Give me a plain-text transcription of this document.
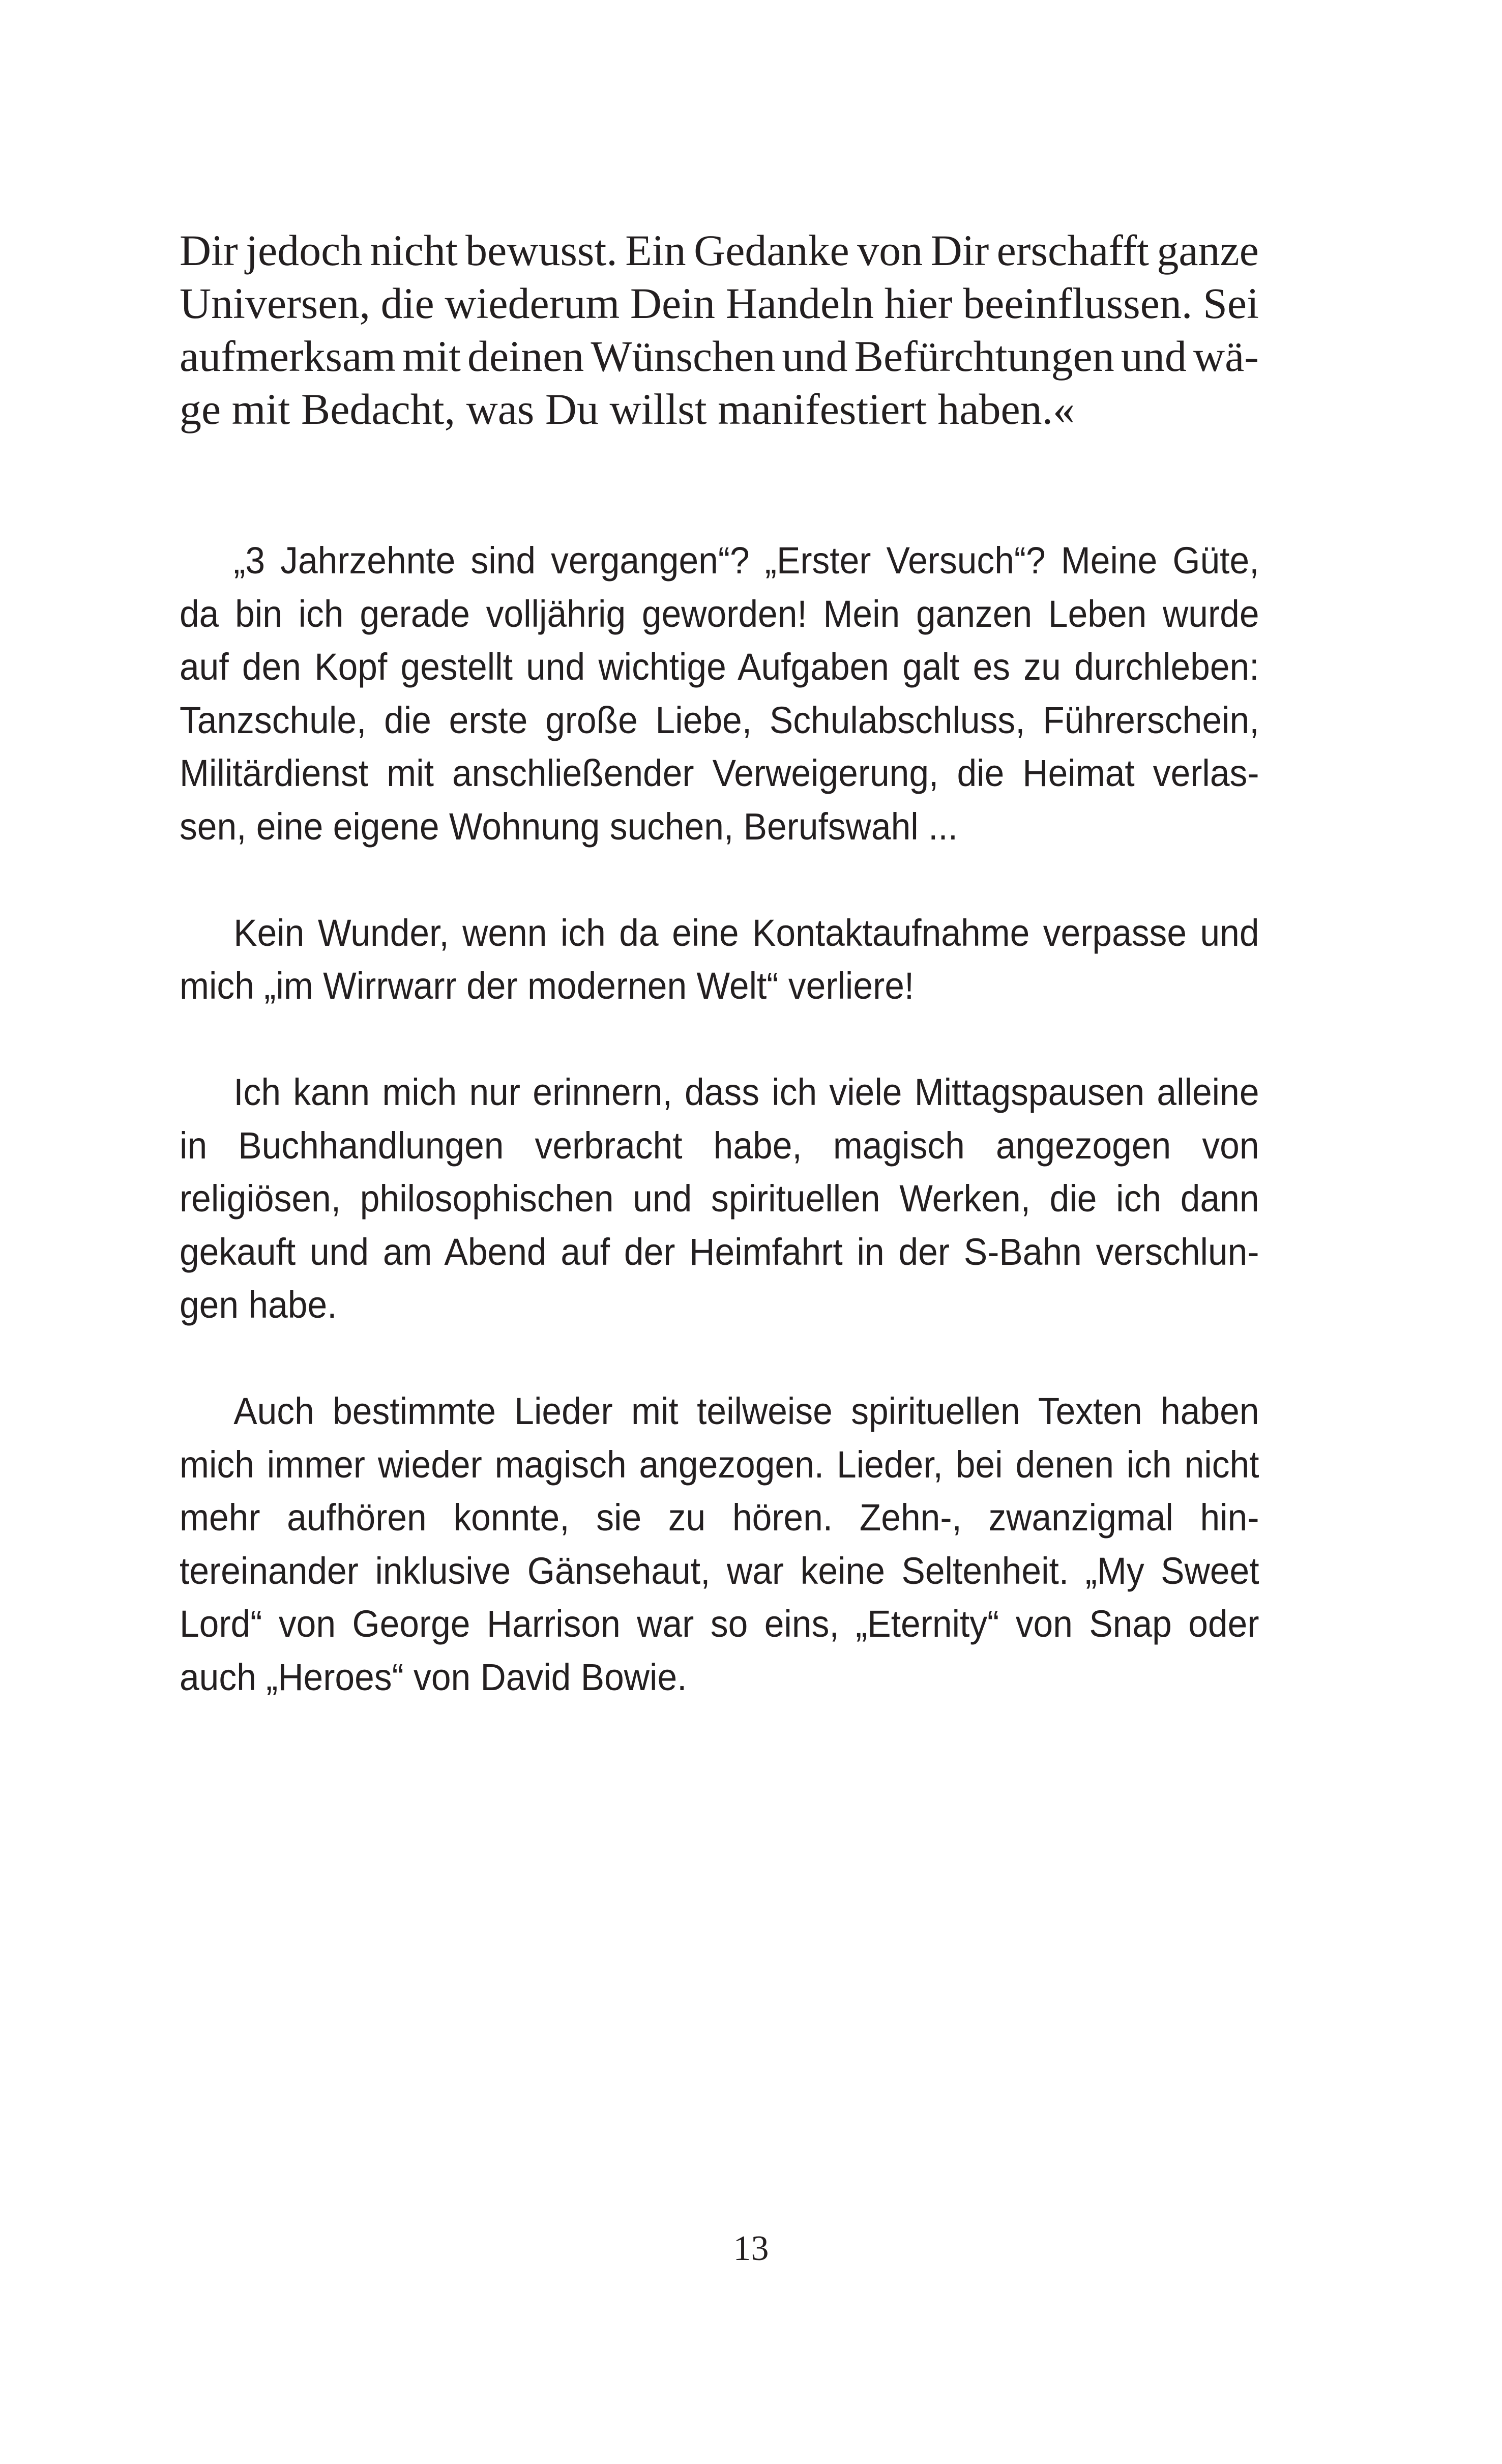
Dir jedoch nicht bewusst. Ein Gedanke von Dir erschafft ganze
Universen, die wiederum Dein Handeln hier beeinflussen. Sei
aufmerksam mit deinen Wünschen und Befürchtungen und wä-
ge mit Bedacht, was Du willst manifestiert haben.«

„3 Jahrzehnte sind vergangen“? „Erster Versuch“? Meine Güte, da bin ich gerade volljährig geworden! Mein ganzen Leben wurde auf den Kopf gestellt und wichtige Aufgaben galt es zu durchleben: Tanzschule, die erste große Liebe, Schulabschluss, Führerschein, Militärdienst mit anschließender Verweigerung, die Heimat verlassen, eine eigene Wohnung suchen, Berufswahl ...

Kein Wunder, wenn ich da eine Kontaktaufnahme verpasse und mich „im Wirrwarr der modernen Welt“ verliere!

Ich kann mich nur erinnern, dass ich viele Mittagspausen alleine in Buchhandlungen verbracht habe, magisch angezogen von religiösen, philosophischen und spirituellen Werken, die ich dann gekauft und am Abend auf der Heimfahrt in der S-Bahn verschlungen habe.

Auch bestimmte Lieder mit teilweise spirituellen Texten haben mich immer wieder magisch angezogen. Lieder, bei denen ich nicht mehr aufhören konnte, sie zu hören. Zehn-, zwanzigmal hintereinander inklusive Gänsehaut, war keine Seltenheit. „My Sweet Lord“ von George Harrison war so eins, „Eternity“ von Snap oder auch „Heroes“ von David Bowie.

13
